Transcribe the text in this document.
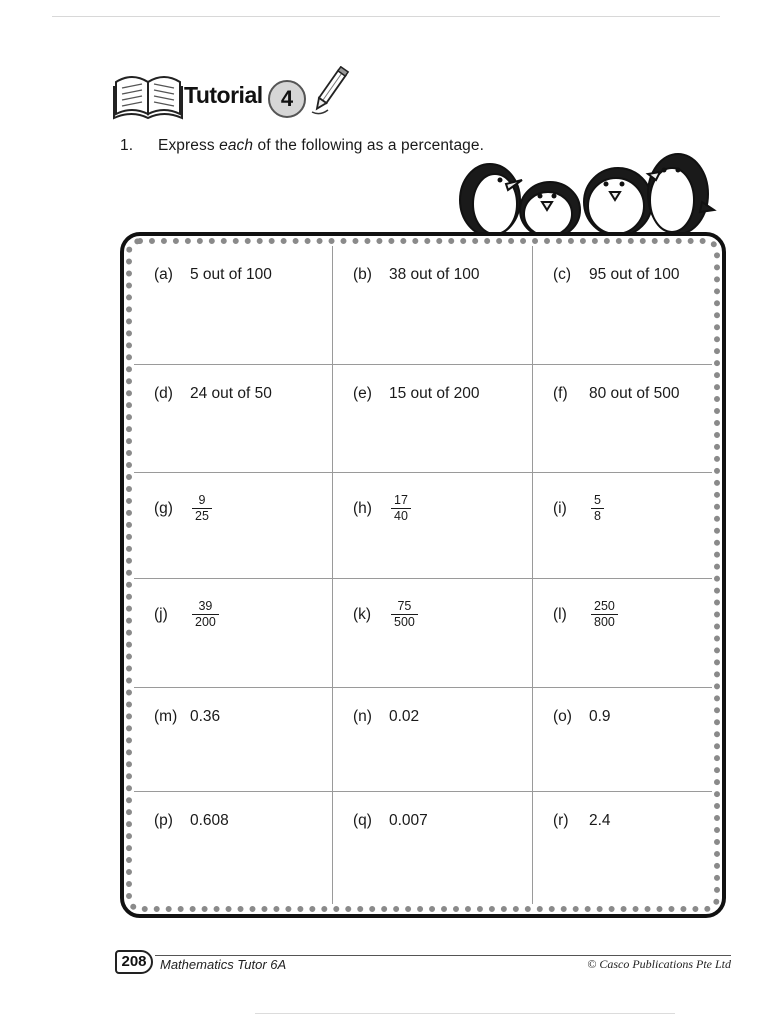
Tutorial 4
1. Express each of the following as a percentage.
(a) 5 out of 100	(b) 38 out of 100	(c) 95 out of 100
(d) 24 out of 50	(e) 15 out of 200	(f) 80 out of 500
(g)	$\frac{9}{25}$	(h)	$\frac{17}{40}$	(i)	$\frac{5}{8}$
(j)	$\frac{39}{200}$	(k)	$\frac{75}{500}$	(l)	$\frac{250}{800}$
(m) 0.36	(n) 0.02	(o) 0.9
(p) 0.608	(q) 0.007	(r) 2.4
208	Mathematics Tutor 6A	© Casco Publications Pte Ltd
